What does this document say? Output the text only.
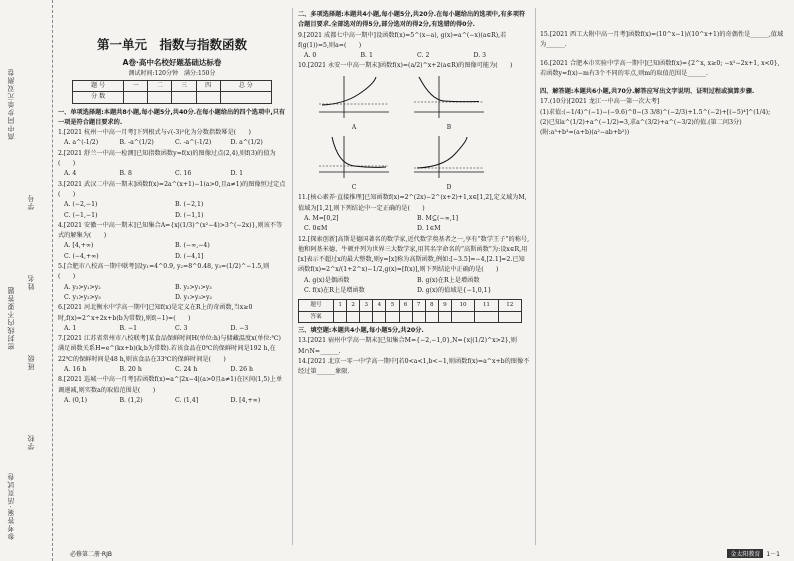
高中同步单元双测卷
学号
姓名
密封线内不要答题
班级
学校
参考答案·活页试卷
第一单元　指数与指数函数
A卷·高中名校好题基础达标卷
测试时间:120分钟　满分:150分
题 号	一	二	三	四	总 分
分 数					

一、单项选择题:本题共8小题,每小题5分,共40分.在每小题给出的四个选项中,只有一项是符合题目要求的.

1.[2021 杭州一中高一月考]下列根式与√(-3)²化为分数指数幂是(　　)

A. a^(-1/2)	B. -a^(1/2)	C. -a^(-1/2)	D. a^(1/2)

2.[2021 舒兰一中高一检测]已知指数函数y=f(x)的图像过点(2,4),则f(3)的值为(　　)

A. 4	B. 8	C. 16	D. 1

3.[2021 武汉二中高一期末]函数f(x)=2a^(x+1)−1(a>0,且a≠1)的图像恒过定点(　　)

A. (−2,−1)	B. (−2,1)
C. (−1,−1)	D. (−1,1)

4.[2021 安徽一中高一期末]已知集合A={x|(1/3)^(x²−4)>3^(−2x)},则该不等式的解集为(　　)

A. [4,+∞)	B. (−∞,−4)
C. (−4,+∞)	D. (−4,1]

5.[合肥市八校高一期中联考]设y₁=4^0.9, y₂=8^0.48, y₃=(1/2)^−1.5,则(　　)

A. y₃>y₁>y₂	B. y₂>y₁>y₃
C. y₁>y₂>y₃	D. y₁>y₃>y₂

6.[2021 河北衡水中学高一期中]已知f(x)是定义在R上的奇函数,当x≥0时,f(x)=2^x+2x+b(b为常数),则f(−1)=(　　)

A. 1	B. −1	C. 3	D. −3

7.[2021 江苏省常州市八校联考]某食品保鲜时间H(单位:h)与储藏温度x(单位:℃)满足函数关系H=e^(kx+b)(k,b为常数).若该食品在0℃的保鲜时间是192 h,在22℃的保鲜时间是48 h,则该食品在33℃的保鲜时间是(　　)

A. 16 h	B. 20 h	C. 24 h	D. 26 h

8.[2021 巡城一中高一月考]若函数f(x)=a^|2x−4|(a>0且a≠1)在区间(1,5)上单调递减,则实数a的取值范围是(　　)

A. (0,1)	B. (1,2)	C. (1,4]	D. [4,+∞)

二、多项选择题:本题共4小题,每小题5分,共20分.在每小题给出的选项中,有多项符合题目要求.全部选对的得5分,部分选对的得2分,有选错的得0分.

9.[2021 成都七中高一期中]设函数f(x)=5^(x−a), g(x)=a^(−x)(a∈R),若f(g(1))=5,则a=(　　)

A. 0	B. 1	C. 2	D. 3

10.[2021 永安一中高一期末]函数f(x)=(a/2)^x+2(a∈R)的图像可能为(　　)

A	B
C	D

11.[核心素养·直接推理]已知函数f(x)=2^(2x)−2^(x+2)+1,x∈[1,2],定义域为M,值域为[1,2],则下列结论中一定正确的是(　　)

A. M=[0,2]	B. M⊆(−∞,1]
C. 0∈M	D. 1∈M

12.[探索创新]高斯是德国著名的数学家,近代数学奠基者之一,享有“数学王子”的称号,他和阿基米德、牛顿并列为世界三大数学家,用其名字命名的“高斯函数”为:设x∈R,用[x]表示不超过x的最大整数,则y=[x]称为高斯函数,例如:[−3.5]=−4,[2.1]=2.已知函数f(x)=2^x/(1+2^x)−1/2,g(x)=[f(x)],则下列结论中正确的是(　　)

A. g(x)是偶函数	B. g(x)在R上是增函数
C. f(x)在R上是增函数	D. g(x)的值域是{−1,0,1}
题号	1	2	3	4	5	6	7	8	9	10	11	12
答案												

三、填空题:本题共4小题,每小题5分,共20分.

13.[2021 宿州中学高一期末]已知集合M={−2,−1,0},N={x|(1/2)^x>2},则M∩N=______.

14.[2021 北京一零一中学高一期中]若0<a<1,b<−1,则函数f(x)=a^x+b的图像不经过第______象限.

15.[2021 西工大附中高一月考]函数f(x)=(10^x−1)/(10^x+1)的奇偶性是______,值域为______.

16.[2021 合肥本市实验中学高一期中]已知函数f(x)={2^x, x≥0; −x²−2x+1, x<0},若函数y=f(x)−m有3个不同的零点,则m的取值范围是______.

四、解答题:本题共6小题,共70分.解答应写出文字说明、证明过程或演算步骤.

17.(10分)[2021 龙江一中高一第一次大考]

(1)求值:(−1/4)^(−1)−(−9.6)^0−(3 3/8)^(−2/3)+1.5^(−2)+[(−5)⁴]^(1/4);

(2)已知a^(1/2)+a^(−1/2)=3,求a^(3/2)+a^(−3/2)的值.(第二问3分)

(附:a³+b³=(a+b)(a²−ab+b²))

必修第二册·RJB	金太阳教育 1－1
